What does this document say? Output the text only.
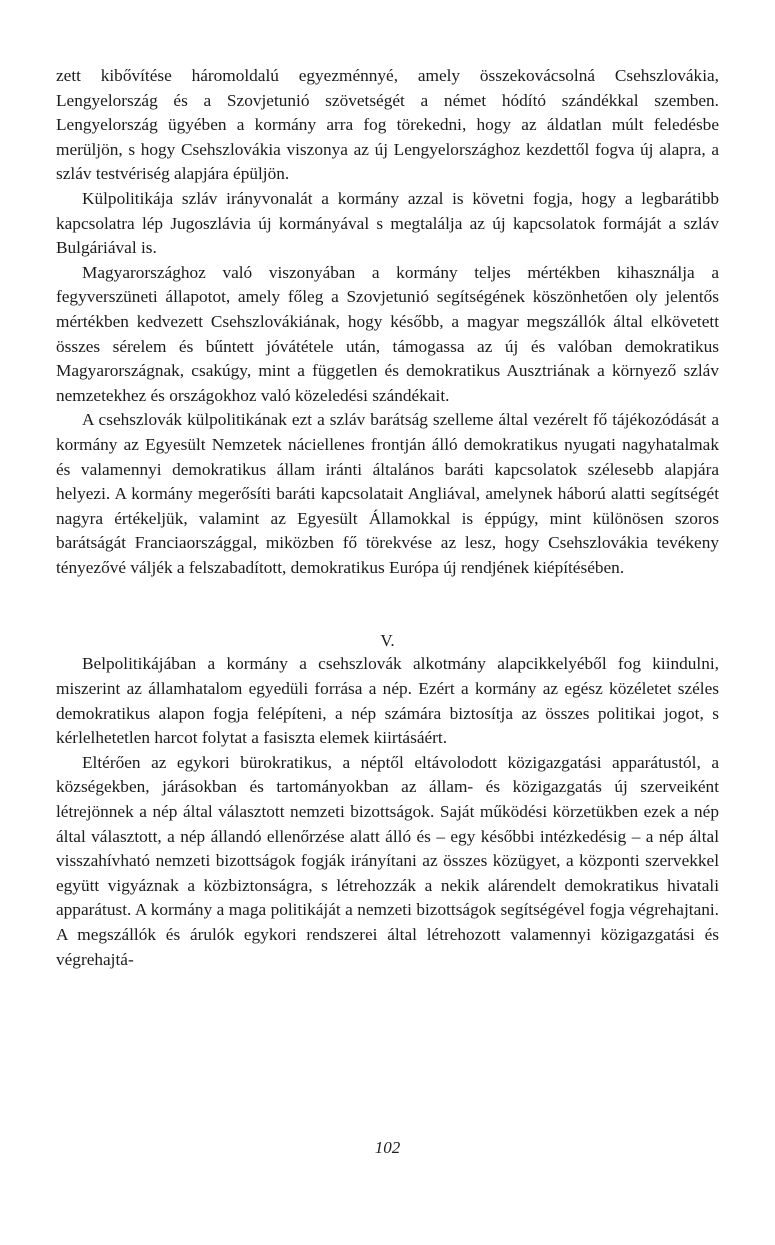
zett kibővítése háromoldalú egyezménnyé, amely összekovácsolná Csehszlovákia, Lengyelország és a Szovjetunió szövetségét a német hódító szándékkal szemben. Lengyelország ügyében a kormány arra fog törekedni, hogy az áldatlan múlt feledésbe merüljön, s hogy Csehszlovákia viszonya az új Lengyelországhoz kezdettől fogva új alapra, a szláv testvériség alapjára épüljön.

Külpolitikája szláv irányvonalát a kormány azzal is követni fogja, hogy a legbarátibb kapcsolatra lép Jugoszlávia új kormányával s megtalálja az új kapcsolatok formáját a szláv Bulgáriával is.

Magyarországhoz való viszonyában a kormány teljes mértékben kihasználja a fegyverszüneti állapotot, amely főleg a Szovjetunió segítségének köszönhetően oly jelentős mértékben kedvezett Csehszlovákiának, hogy később, a magyar megszállók által elkövetett összes sérelem és bűntett jóvátétele után, támogassa az új és valóban demokratikus Magyarországnak, csakúgy, mint a független és demokratikus Ausztriának a környező szláv nemzetekhez és országokhoz való közeledési szándékait.

A csehszlovák külpolitikának ezt a szláv barátság szelleme által vezérelt fő tájékozódását a kormány az Egyesült Nemzetek náciellenes frontján álló demokratikus nyugati nagyhatalmak és valamennyi demokratikus állam iránti általános baráti kapcsolatok szélesebb alapjára helyezi. A kormány megerősíti baráti kapcsolatait Angliával, amelynek háború alatti segítségét nagyra értékeljük, valamint az Egyesült Államokkal is éppúgy, mint különösen szoros barátságát Franciaországgal, miközben fő törekvése az lesz, hogy Csehszlovákia tevékeny tényezővé váljék a felszabadított, demokratikus Európa új rendjének kiépítésében.

V.

Belpolitikájában a kormány a csehszlovák alkotmány alapcikkelyéből fog kiindulni, miszerint az államhatalom egyedüli forrása a nép. Ezért a kormány az egész közéletet széles demokratikus alapon fogja felépíteni, a nép számára biztosítja az összes politikai jogot, s kérlelhetetlen harcot folytat a fasiszta elemek kiirtásáért.

Eltérően az egykori bürokratikus, a néptől eltávolodott közigazgatási apparátustól, a községekben, járásokban és tartományokban az állam- és közigazgatás új szerveiként létrejönnek a nép által választott nemzeti bizottságok. Saját működési körzetükben ezek a nép által választott, a nép állandó ellenőrzése alatt álló és – egy későbbi intézkedésig – a nép által visszahívható nemzeti bizottságok fogják irányítani az összes közügyet, a központi szervekkel együtt vigyáznak a közbiztonságra, s létrehozzák a nekik alárendelt demokratikus hivatali apparátust. A kormány a maga politikáját a nemzeti bizottságok segítségével fogja végrehajtani. A megszállók és árulók egykori rendszerei által létrehozott valamennyi közigazgatási és végrehajtá-

102
